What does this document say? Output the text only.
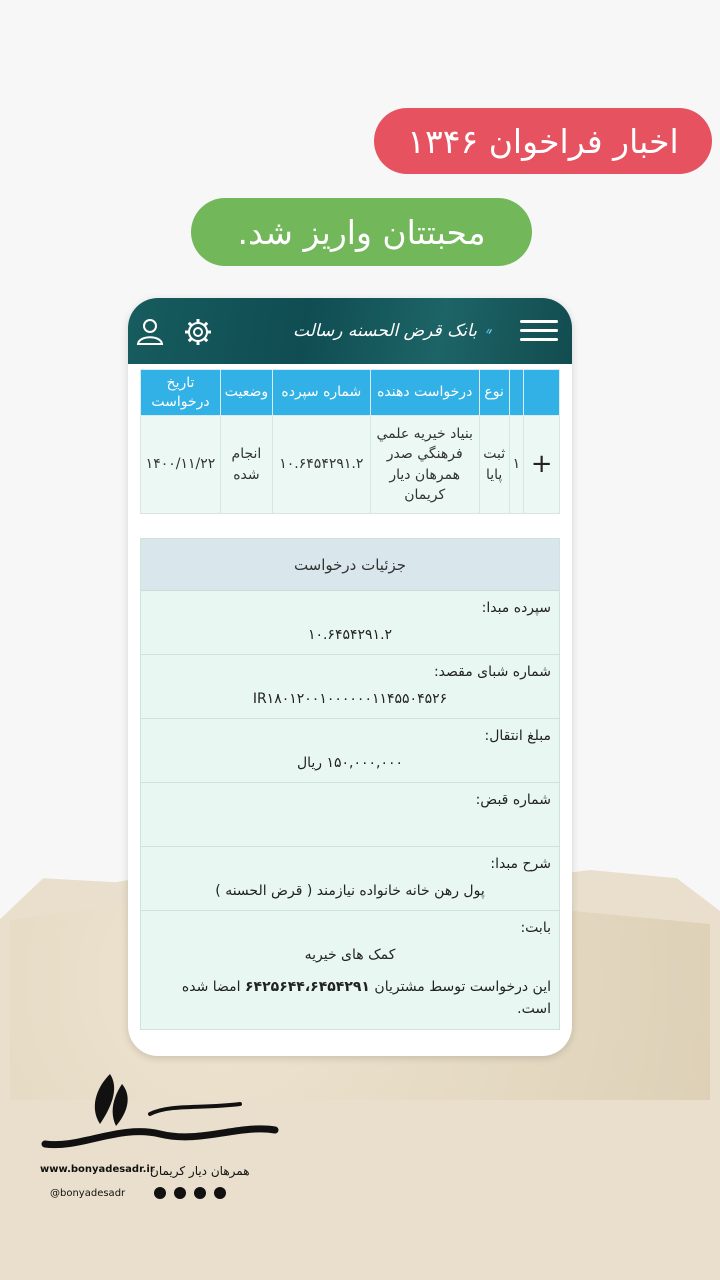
اخبار فراخوان ۱۳۴۶
محبتتان واریز شد.
بانک قرض الحسنه رسالت
		نوع	درخواست دهنده	شماره سپرده	وضعیت	تاریخ درخواست
+	۱	ثبت پایا	بنیاد خیریه علمي فرهنگي صدر همرهان دیار کریمان	۱۰.۶۴۵۴۲۹۱.۲	انجام شده	۱۴۰۰/۱۱/۲۲
جزئیات درخواست
سپرده مبدا:
۱۰.۶۴۵۴۲۹۱.۲
شماره شبای مقصد:
IR۱۸۰۱۲۰۰۱۰۰۰۰۰۰۱۱۴۵۵۰۴۵۲۶
مبلغ انتقال:
۱۵۰,۰۰۰,۰۰۰ ریال
شماره قبض:
شرح مبدا:
پول رهن خانه خانواده نیازمند ( قرض الحسنه )
بابت:
کمک های خیریه
این درخواست توسط مشتریان ۶۴۲۵۶۴۴،۶۴۵۴۲۹۱ امضا شده است.
همرهان دیار کریمان
www.bonyadesadr.ir
@bonyadesadr
